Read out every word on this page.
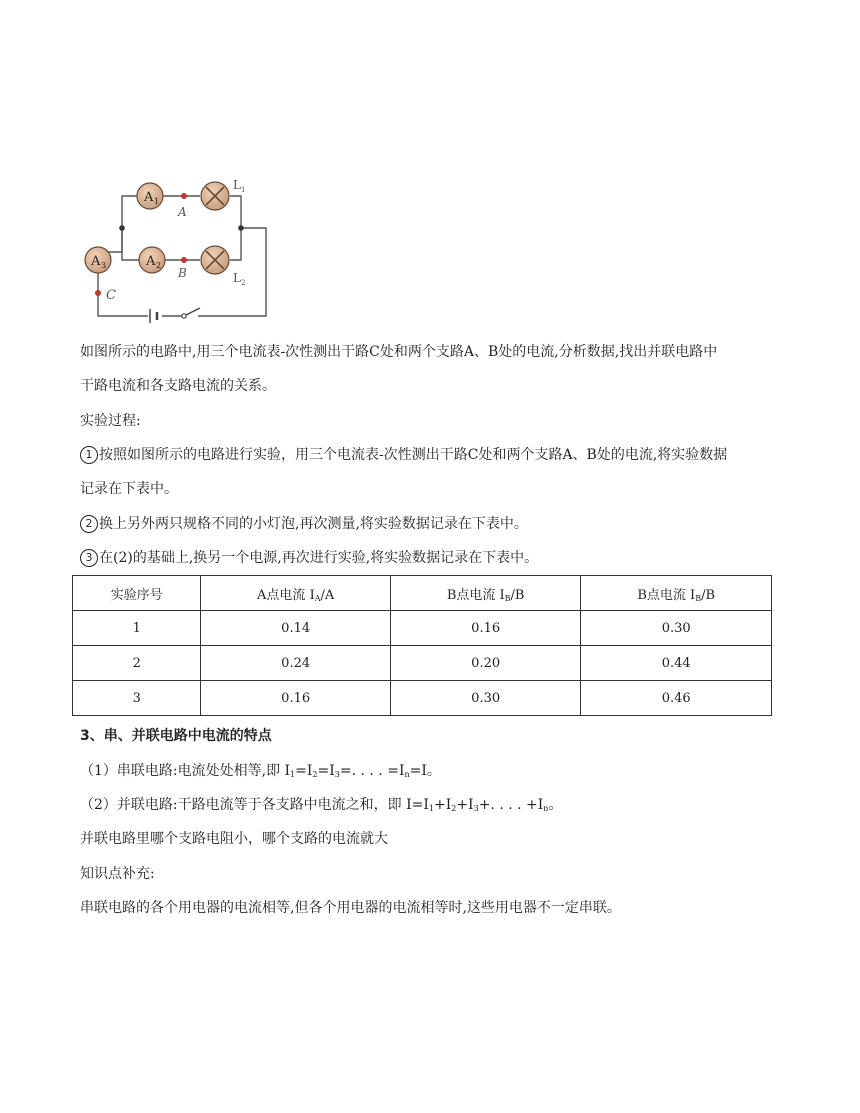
A 1
A 2
A 3
L 1
L 2
A
B
C
如图所示的电路中,用三个电流表-次性测出干路C处和两个支路A、B处的电流,分析数据,找出并联电路中
干路电流和各支路电流的关系。
实验过程:
1 按照如图所示的电路进行实验，用三个电流表-次性测出干路C处和两个支路A、B处的电流,将实验数据
记录在下表中。
2 换上另外两只规格不同的小灯泡,再次测量,将实验数据记录在下表中。
3 在(2)的基础上,换另一个电源,再次进行实验,将实验数据记录在下表中。
实验序号	A点电流 $I_A/A$	B点电流 $I_B/B$	B点电流 $I_B/B$
1	0.14	0.16	0.30
2	0.24	0.20	0.44
3	0.16	0.30	0.46
3、串、并联电路中电流的特点
（1）串联电路:电流处处相等,即 $I_1=I_2=I_3=$. . . . $=I_n=I$。
（2）并联电路:干路电流等于各支路中电流之和，即 $I=I_1+I_2+I_3+$. . . . $+I_n$。
并联电路里哪个支路电阻小，哪个支路的电流就大
知识点补充:
串联电路的各个用电器的电流相等,但各个用电器的电流相等时,这些用电器不一定串联。
